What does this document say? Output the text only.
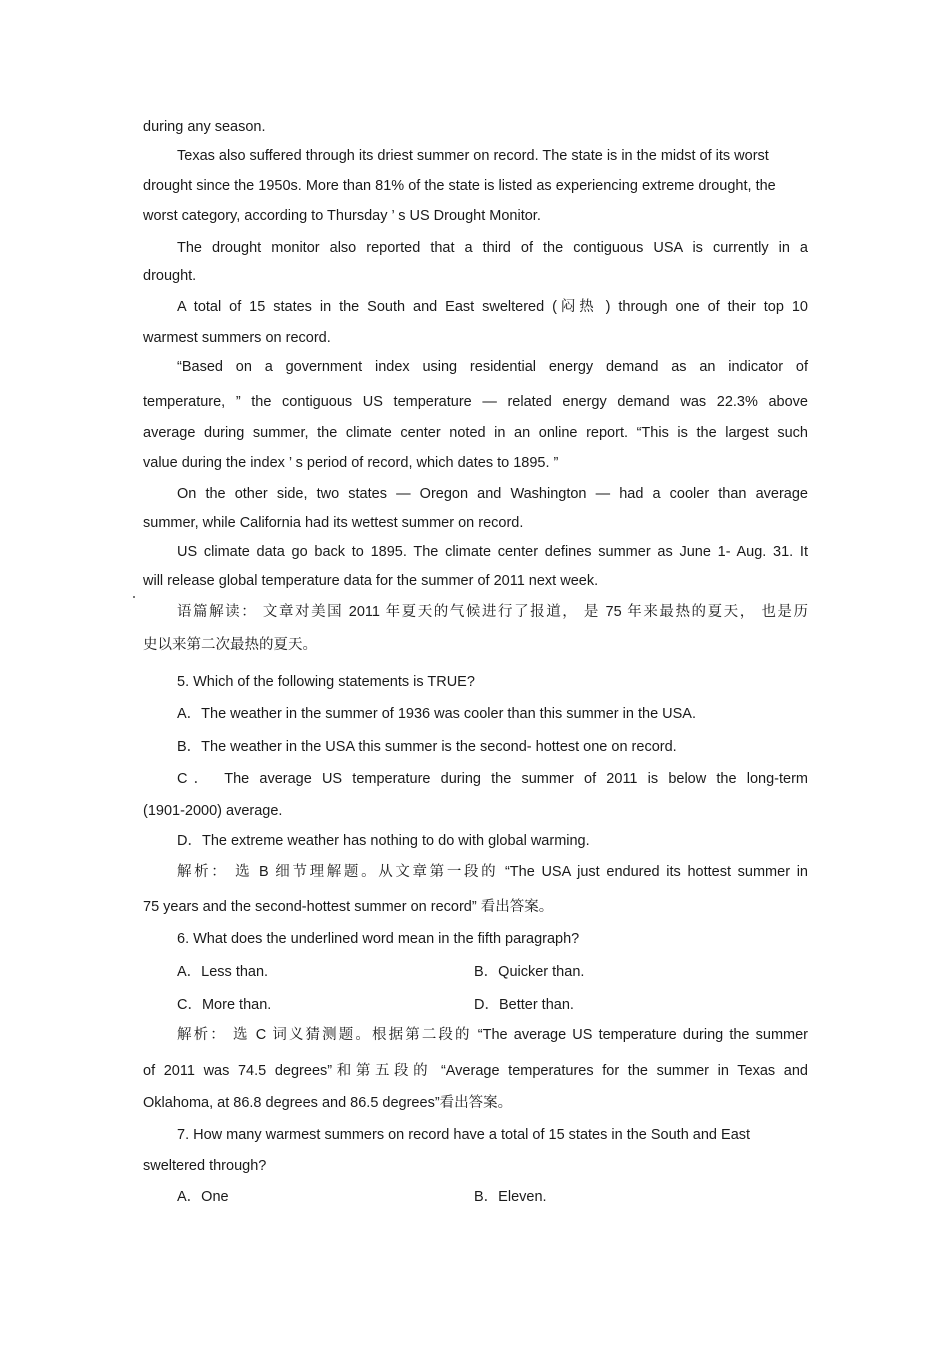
during any season.
Texas also suffered through its driest summer on record. The state is in the midst of its worst
drought since the 1950s. More than 81% of the state is listed as experiencing extreme drought, the
worst category, according to Thursday ’ s US Drought Monitor.
The drought monitor also reported that a third of the contiguous USA is currently in a
drought.
A total of 15 states in the South and East sweltered (闷热 ) through one of their top 10
warmest summers on record.
“Based on a government index using residential energy demand as an indicator of
temperature, ” the contiguous US temperature — related energy demand was 22.3% above
average during summer, the climate center noted in an online report. “This is the largest such
value during the index ’ s period of record, which dates to 1895. ”
On the other side, two states — Oregon and Washington — had a cooler than average
summer, while California had its wettest summer on record.
US climate data go back to 1895. The climate center defines summer as June 1- Aug. 31. It
will release global temperature data for the summer of 2011 next week.
语篇解读： 文章对美国 2011 年夏天的气候进行了报道， 是 75 年来最热的夏天， 也是历
史以来第二次最热的夏天。
5. Which of the following statements is TRUE?
A．The weather in the summer of 1936 was cooler than this summer in the USA.
B．The weather in the USA this summer is the second- hottest one on record.
C． The average US temperature during the summer of 2011 is below the long-term
(1901-2000) average.
D．The extreme weather has nothing to do with global warming.
解析： 选 B 细节理解题。从文章第一段的 “The USA just endured its hottest summer in
75 years and the second-hottest summer on record” 看出答案。
6. What does the underlined word mean in the fifth paragraph?
A．Less than.	B．Quicker than.
C．More than.	D．Better than.
解析： 选 C 词义猜测题。根据第二段的 “The average US temperature during the summer
of 2011 was 74.5 degrees”和第五段的 “Average temperatures for the summer in Texas and
Oklahoma, at 86.8 degrees and 86.5 degrees”看出答案。
7. How many warmest summers on record have a total of 15 states in the South and East
sweltered through?
A．One	B．Eleven.
